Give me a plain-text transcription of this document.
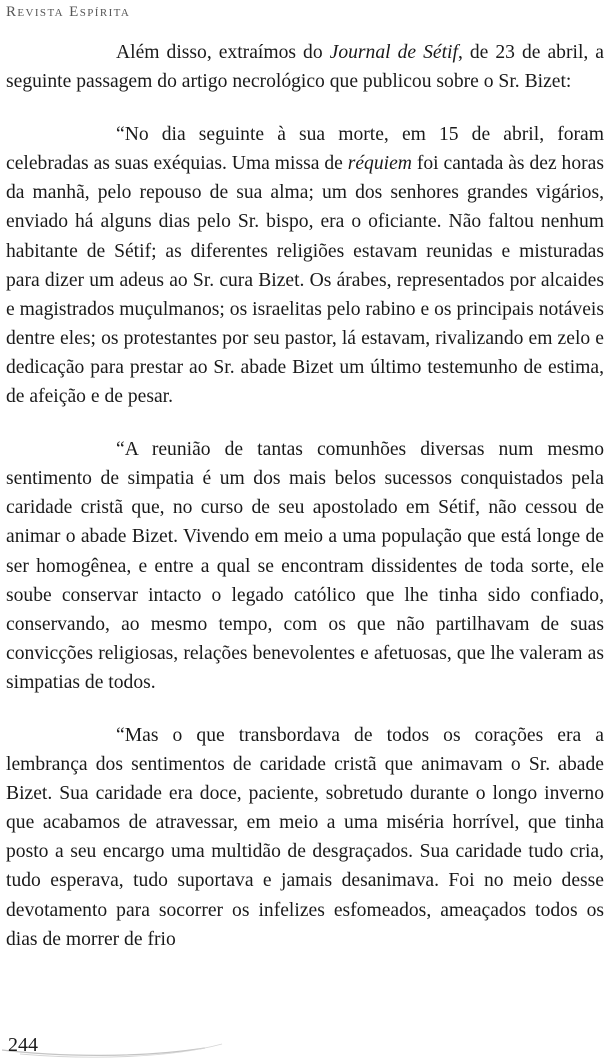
Revista Espírita

Além disso, extraímos do Journal de Sétif, de 23 de abril, a seguinte passagem do artigo necrológico que publicou sobre o Sr. Bizet:

“No dia seguinte à sua morte, em 15 de abril, foram celebradas as suas exéquias. Uma missa de réquiem foi cantada às dez horas da manhã, pelo repouso de sua alma; um dos senhores grandes vigários, enviado há alguns dias pelo Sr. bispo, era o oficiante. Não faltou nenhum habitante de Sétif; as diferentes religiões estavam reunidas e misturadas para dizer um adeus ao Sr. cura Bizet. Os árabes, representados por alcaides e magistrados muçulmanos; os israelitas pelo rabino e os principais notáveis dentre eles; os protestantes por seu pastor, lá estavam, rivalizando em zelo e dedicação para prestar ao Sr. abade Bizet um último testemunho de estima, de afeição e de pesar.

“A reunião de tantas comunhões diversas num mesmo sentimento de simpatia é um dos mais belos sucessos conquistados pela caridade cristã que, no curso de seu apostolado em Sétif, não cessou de animar o abade Bizet. Vivendo em meio a uma população que está longe de ser homogênea, e entre a qual se encontram dissidentes de toda sorte, ele soube conservar intacto o legado católico que lhe tinha sido confiado, conservando, ao mesmo tempo, com os que não partilhavam de suas convicções religiosas, relações benevolentes e afetuosas, que lhe valeram as simpatias de todos.

“Mas o que transbordava de todos os corações era a lembrança dos sentimentos de caridade cristã que animavam o Sr. abade Bizet. Sua caridade era doce, paciente, sobretudo durante o longo inverno que acabamos de atravessar, em meio a uma miséria horrível, que tinha posto a seu encargo uma multidão de desgraçados. Sua caridade tudo cria, tudo esperava, tudo suportava e jamais desanimava. Foi no meio desse devotamento para socorrer os infelizes esfomeados, ameaçados todos os dias de morrer de frio

244
